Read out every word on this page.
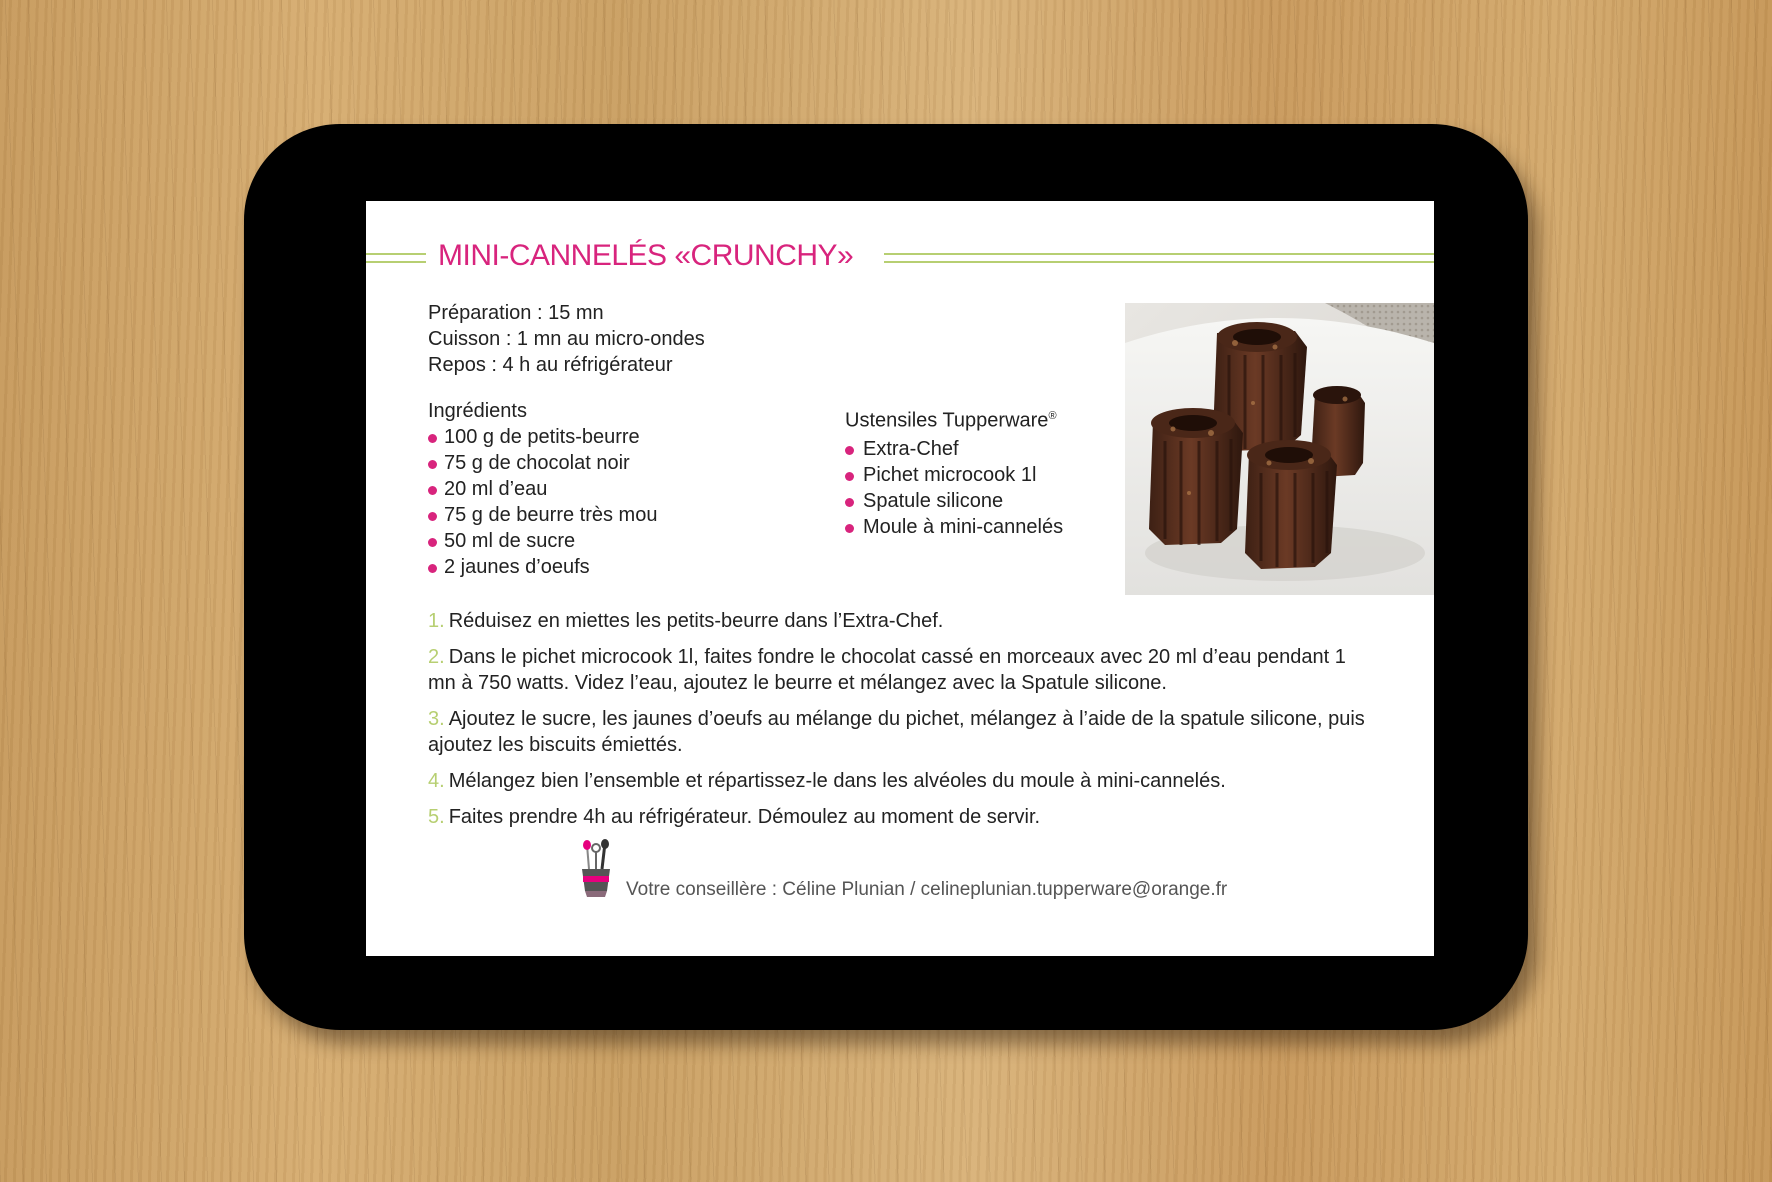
MINI-CANNELÉS «CRUNCHY»
Préparation : 15 mn
Cuisson : 1 mn au micro-ondes
Repos : 4 h au réfrigérateur
Ingrédients
100 g de petits-beurre
75 g de chocolat noir
20 ml d’eau
75 g de beurre très mou
50 ml de sucre
2 jaunes d’oeufs
Ustensiles Tupperware®
Extra-Chef
Pichet microcook 1l
Spatule silicone
Moule à mini-cannelés
1. Réduisez en miettes les petits-beurre dans l’Extra-Chef.
2. Dans le pichet microcook 1l, faites fondre le chocolat cassé en morceaux avec 20 ml d’eau pendant 1 mn à 750 watts. Videz l’eau, ajoutez le beurre et mélangez avec la Spatule silicone.
3. Ajoutez le sucre, les jaunes d’oeufs au mélange du pichet, mélangez à l’aide de la spatule silicone, puis ajoutez les biscuits émiettés.
4. Mélangez bien l’ensemble et répartissez-le dans les alvéoles du moule à mini-cannelés.
5. Faites prendre 4h au réfrigérateur. Démoulez au moment de servir.
Votre conseillère : Céline Plunian / celineplunian.tupperware@orange.fr
